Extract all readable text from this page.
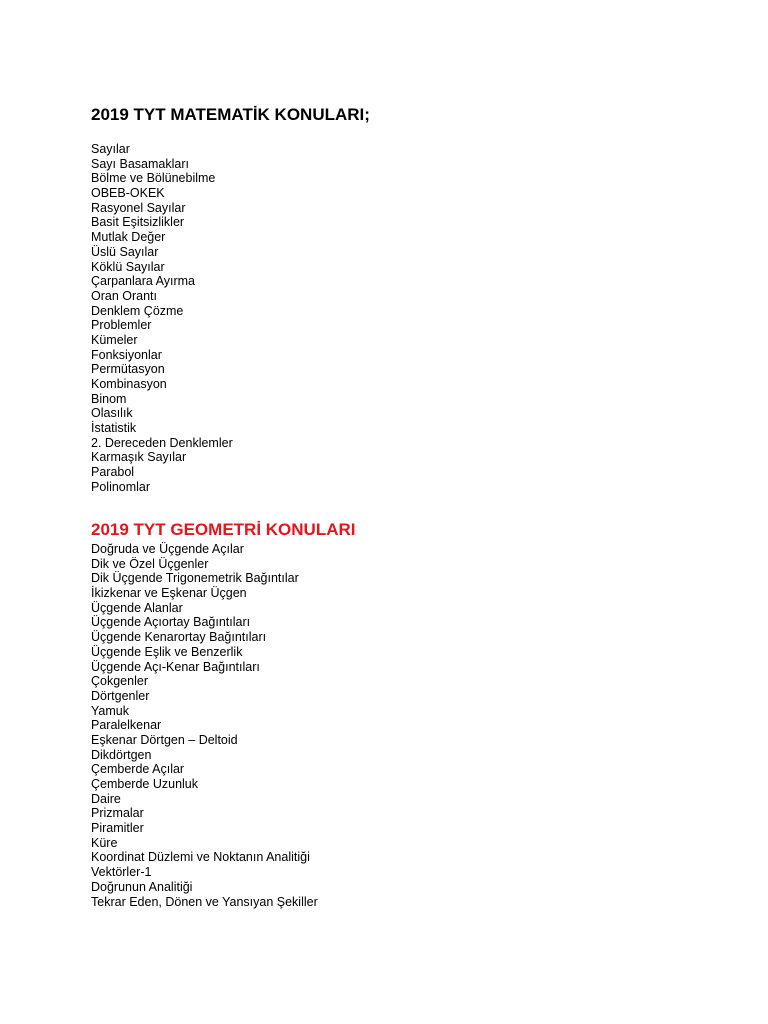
2019 TYT MATEMATİK KONULARI;
Sayılar
Sayı Basamakları
Bölme ve Bölünebilme
OBEB-OKEK
Rasyonel Sayılar
Basit Eşitsizlikler
Mutlak Değer
Üslü Sayılar
Köklü Sayılar
Çarpanlara Ayırma
Oran Orantı
Denklem Çözme
Problemler
Kümeler
Fonksiyonlar
Permütasyon
Kombinasyon
Binom
Olasılık
İstatistik
2. Dereceden Denklemler
Karmaşık Sayılar
Parabol
Polinomlar
2019 TYT GEOMETRİ KONULARI
Doğruda ve Üçgende Açılar
Dik ve Özel Üçgenler
Dik Üçgende Trigonemetrik Bağıntılar
İkizkenar ve Eşkenar Üçgen
Üçgende Alanlar
Üçgende Açıortay Bağıntıları
Üçgende Kenarortay Bağıntıları
Üçgende Eşlik ve Benzerlik
Üçgende Açı-Kenar Bağıntıları
Çokgenler
Dörtgenler
Yamuk
Paralelkenar
Eşkenar Dörtgen – Deltoid
Dikdörtgen
Çemberde Açılar
Çemberde Uzunluk
Daire
Prizmalar
Piramitler
Küre
Koordinat Düzlemi ve Noktanın Analitiği
Vektörler-1
Doğrunun Analitiği
Tekrar Eden, Dönen ve Yansıyan Şekiller
